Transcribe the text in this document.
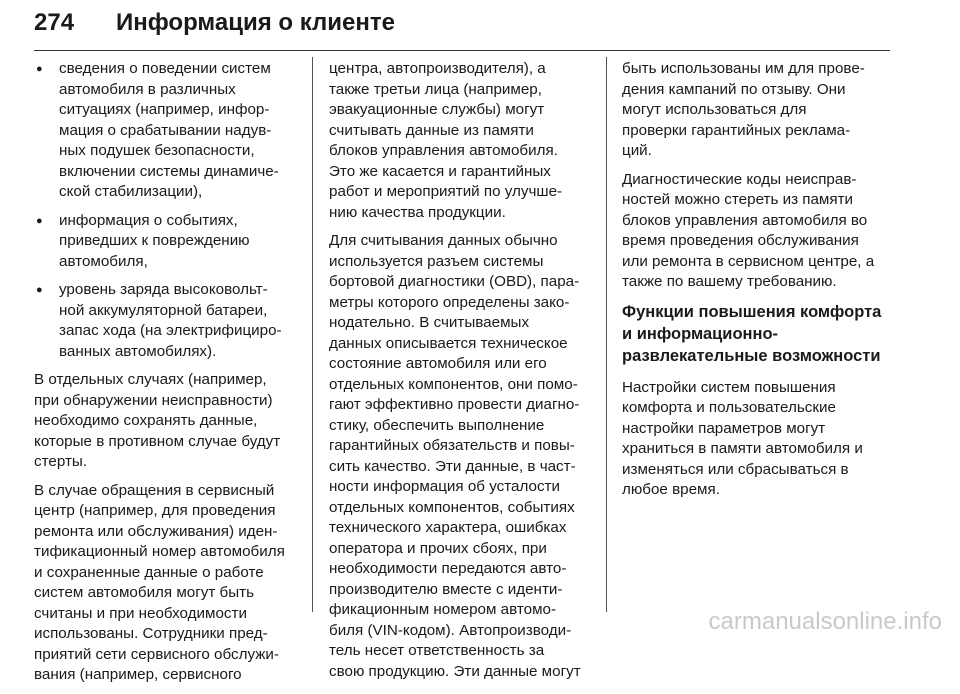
274 Информация о клиенте
● сведения о поведении систем
автомобиля в различных
ситуациях (например, инфор-
мация о срабатывании надув-
ных подушек безопасности,
включении системы динамиче-
ской стабилизации),
● информация о событиях,
приведших к повреждению
автомобиля,
● уровень заряда высоковольт-
ной аккумуляторной батареи,
запас хода (на электрифициро-
ванных автомобилях).

В отдельных случаях (например,
при обнаружении неисправности)
необходимо сохранять данные,
которые в противном случае будут
стерты.

В случае обращения в сервисный
центр (например, для проведения
ремонта или обслуживания) иден-
тификационный номер автомобиля
и сохраненные данные о работе
систем автомобиля могут быть
считаны и при необходимости
использованы. Сотрудники пред-
приятий сети сервисного обслужи-
вания (например, сервисного

центра, автопроизводителя), а
также третьи лица (например,
эвакуационные службы) могут
считывать данные из памяти
блоков управления автомобиля.
Это же касается и гарантийных
работ и мероприятий по улучше-
нию качества продукции.

Для считывания данных обычно
используется разъем системы
бортовой диагностики (OBD), пара-
метры которого определены зако-
нодательно. В считываемых
данных описывается техническое
состояние автомобиля или его
отдельных компонентов, они помо-
гают эффективно провести диагно-
стику, обеспечить выполнение
гарантийных обязательств и повы-
сить качество. Эти данные, в част-
ности информация об усталости
отдельных компонентов, событиях
технического характера, ошибках
оператора и прочих сбоях, при
необходимости передаются авто-
производителю вместе с иденти-
фикационным номером автомо-
биля (VIN-кодом). Автопроизводи-
тель несет ответственность за
свою продукцию. Эти данные могут

быть использованы им для прове-
дения кампаний по отзыву. Они
могут использоваться для
проверки гарантийных реклама-
ций.

Диагностические коды неисправ-
ностей можно стереть из памяти
блоков управления автомобиля во
время проведения обслуживания
или ремонта в сервисном центре, а
также по вашему требованию.

Функции повышения комфорта
и информационно-
развлекательные возможности

Настройки систем повышения
комфорта и пользовательские
настройки параметров могут
храниться в памяти автомобиля и
изменяться или сбрасываться в
любое время.

carmanualsonline.info
